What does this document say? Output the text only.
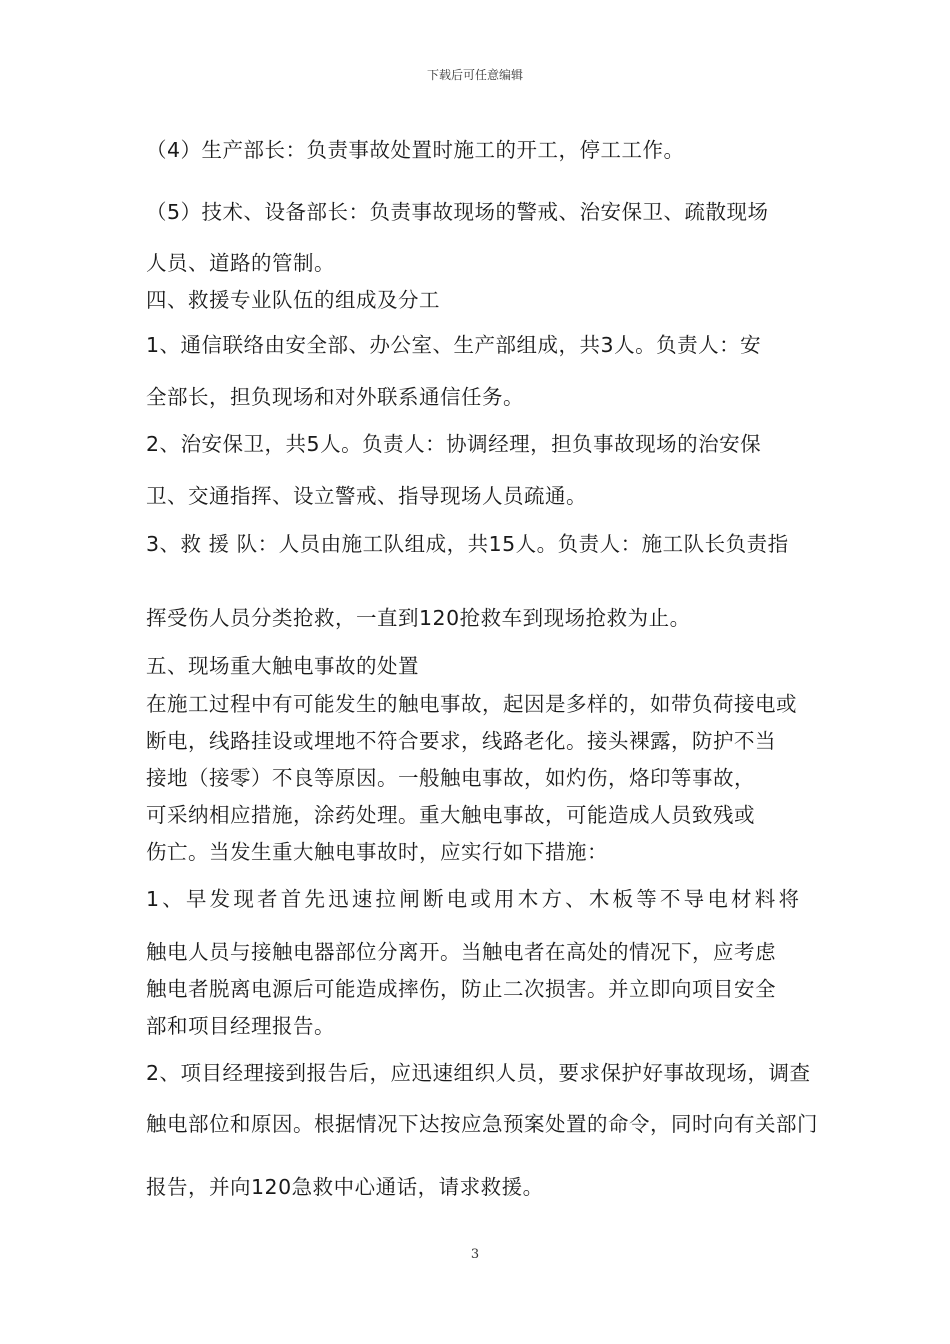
下载后可任意编辑
（4）生产部长：负责事故处置时施工的开工，停工工作。
（5）技术、设备部长：负责事故现场的警戒、治安保卫、疏散现场
人员、道路的管制。
四、救援专业队伍的组成及分工
1、通信联络由安全部、办公室、生产部组成，共3人。负责人：安
全部长，担负现场和对外联系通信任务。
2、治安保卫，共5人。负责人：协调经理，担负事故现场的治安保
卫、交通指挥、设立警戒、指导现场人员疏通。
3、救 援 队：人员由施工队组成，共15人。负责人：施工队长负责指
挥受伤人员分类抢救，一直到120抢救车到现场抢救为止。
五、现场重大触电事故的处置
在施工过程中有可能发生的触电事故，起因是多样的，如带负荷接电或
断电，线路挂设或埋地不符合要求，线路老化。接头裸露，防护不当
接地（接零）不良等原因。一般触电事故，如灼伤，烙印等事故，
可采纳相应措施，涂药处理。重大触电事故，可能造成人员致残或
伤亡。当发生重大触电事故时，应实行如下措施：
1、早发现者首先迅速拉闸断电或用木方、木板等不导电材料将
触电人员与接触电器部位分离开。当触电者在高处的情况下，应考虑
触电者脱离电源后可能造成摔伤，防止二次损害。并立即向项目安全
部和项目经理报告。
2、项目经理接到报告后，应迅速组织人员，要求保护好事故现场，调查
触电部位和原因。根据情况下达按应急预案处置的命令，同时向有关部门
报告，并向120急救中心通话，请求救援。
3
